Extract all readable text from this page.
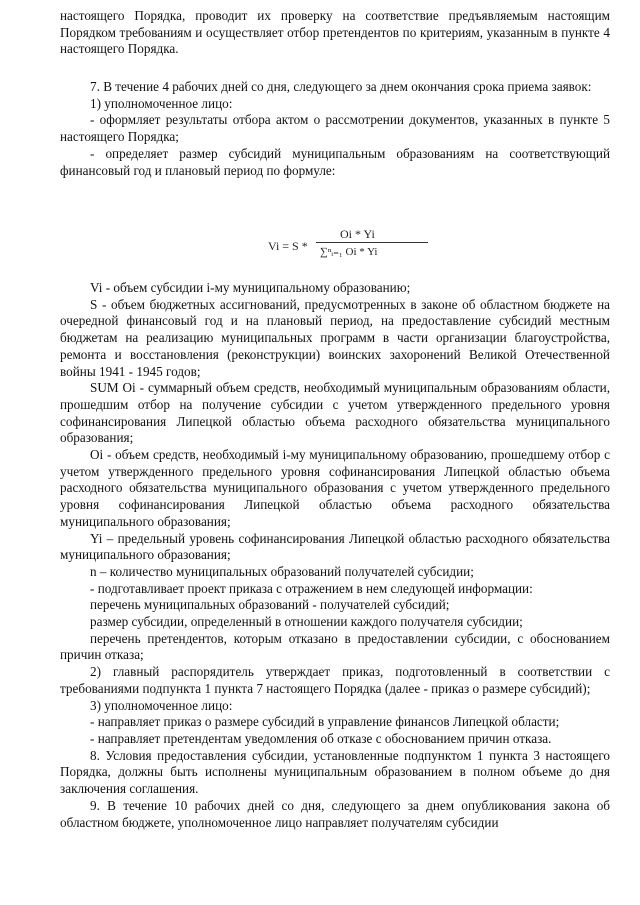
настоящего Порядка, проводит их проверку на соответствие предъявляемым настоящим Порядком требованиям и осуществляет отбор претендентов по критериям, указанным в пункте 4 настоящего Порядка.

7. В течение 4 рабочих дней со дня, следующего за днем окончания срока приема заявок:

1) уполномоченное лицо:

- оформляет результаты отбора актом о рассмотрении документов, указанных в пункте 5 настоящего Порядка;

- определяет размер субсидий муниципальным образованиям на соответствующий финансовый год и плановый период по формуле:

Vi = S *
Oi * Yi
∑ⁿᵢ₌₁ Oi * Yi

Vi - объем субсидии i-му муниципальному образованию;

S - объем бюджетных ассигнований, предусмотренных в законе об областном бюджете на очередной финансовый год и на плановый период, на предоставление субсидий местным бюджетам на реализацию муниципальных программ в части организации благоустройства, ремонта и восстановления (реконструкции) воинских захоронений Великой Отечественной войны 1941 - 1945 годов;

SUM Oi - суммарный объем средств, необходимый муниципальным образованиям области, прошедшим отбор на получение субсидии с учетом утвержденного предельного уровня софинансирования Липецкой областью объема расходного обязательства муниципального образования;

Oi - объем средств, необходимый i-му муниципальному образованию, прошедшему отбор с учетом утвержденного предельного уровня софинансирования Липецкой областью объема расходного обязательства муниципального образования с учетом утвержденного предельного уровня софинансирования Липецкой областью объема расходного обязательства муниципального образования;

Yi – предельный уровень софинансирования Липецкой областью расходного обязательства муниципального образования;

n – количество муниципальных образований получателей субсидии;

- подготавливает проект приказа с отражением в нем следующей информации:

перечень муниципальных образований - получателей субсидий;

размер субсидии, определенный в отношении каждого получателя субсидии;

перечень претендентов, которым отказано в предоставлении субсидии, с обоснованием причин отказа;

2) главный распорядитель утверждает приказ, подготовленный в соответствии с требованиями подпункта 1 пункта 7 настоящего Порядка (далее - приказ о размере субсидий);

3) уполномоченное лицо:

- направляет приказ о размере субсидий в управление финансов Липецкой области;

- направляет претендентам уведомления об отказе с обоснованием причин отказа.

8. Условия предоставления субсидии, установленные подпунктом 1 пункта 3 настоящего Порядка, должны быть исполнены муниципальным образованием в полном объеме до дня заключения соглашения.

9. В течение 10 рабочих дней со дня, следующего за днем опубликования закона об областном бюджете, уполномоченное лицо направляет получателям субсидии
